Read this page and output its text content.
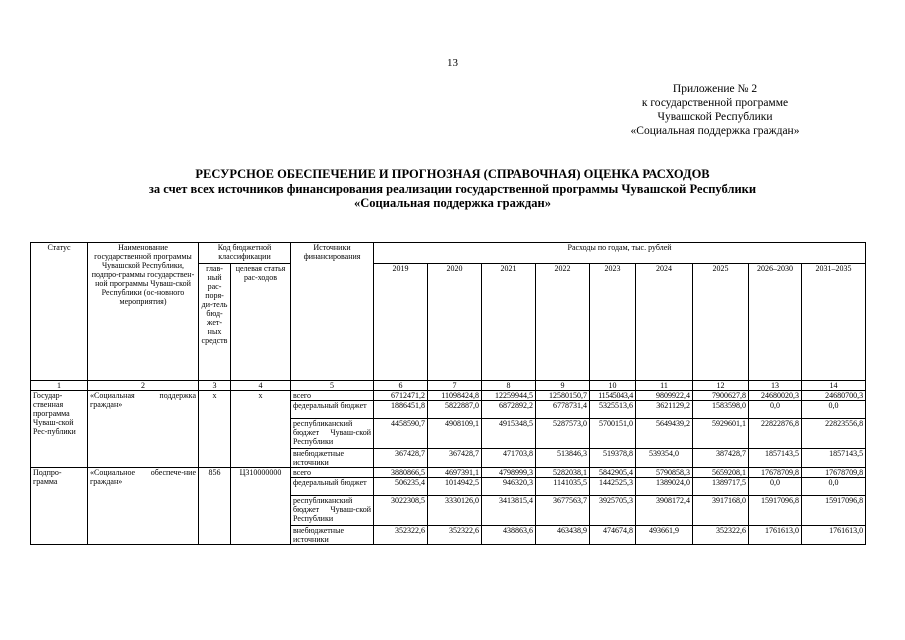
13
Приложение № 2
к государственной программе
Чувашской Республики
«Социальная поддержка граждан»
РЕСУРСНОЕ ОБЕСПЕЧЕНИЕ И ПРОГНОЗНАЯ (СПРАВОЧНАЯ) ОЦЕНКА РАСХОДОВ
за счет всех источников финансирования реализации государственной программы Чувашской Республики
«Социальная поддержка граждан»
Статус	Наименование государственной программы Чувашской Республики, подпро-граммы государствен-ной программы Чуваш-ской Республики (ос-новного мероприятия)	Код бюджетной классификации		Источники финансирования	Расходы по годам, тыс. рублей								
		глав-ный рас-поря-ди-тель бюд-жет-ных средств	целевая статья рас-ходов		2019	2020	2021	2022	2023	2024	2025	2026–2030	2031–2035

1	2	3	4	5	6	7	8	9	10	11	12	13	14
Государ-ственная программа Чуваш-ской Рес-публики	«Социальная поддержка граждан»	x	x	всего	6712471,2	11098424,8	12259944,5	12580150,7	11545043,4	9809922,4	7900627,8	24680020,3	24680700,3
				федеральный бюджет	1886451,8	5822887,0	6872892,2	6778731,4	5325513,6	3621129,2	1583598,0	0,0	0,0
				республиканский бюджет Чуваш-ской Республики	4458590,7	4908109,1	4915348,5	5287573,0	5700151,0	5649439,2	5929601,1	22822876,8	22823556,8
				внебюджетные источники	367428,7	367428,7	471703,8	513846,3	519378,8	539354,0	387428,7	1857143,5	1857143,5
Подпро-грамма	«Социальное обеспече-ние граждан»	856	Ц310000000	всего	3880866,5	4697391,1	4798999,3	5282038,1	5842905,4	5790858,3	5659208,1	17678709,8	17678709,8
				федеральный бюджет	506235,4	1014942,5	946320,3	1141035,5	1442525,3	1389024,0	1389717,5	0,0	0,0
				республиканский бюджет Чуваш-ской Республики	3022308,5	3330126,0	3413815,4	3677563,7	3925705,3	3908172,4	3917168,0	15917096,8	15917096,8
				внебюджетные источники	352322,6	352322,6	438863,6	463438,9	474674,8	493661,9	352322,6	1761613,0	1761613,0
